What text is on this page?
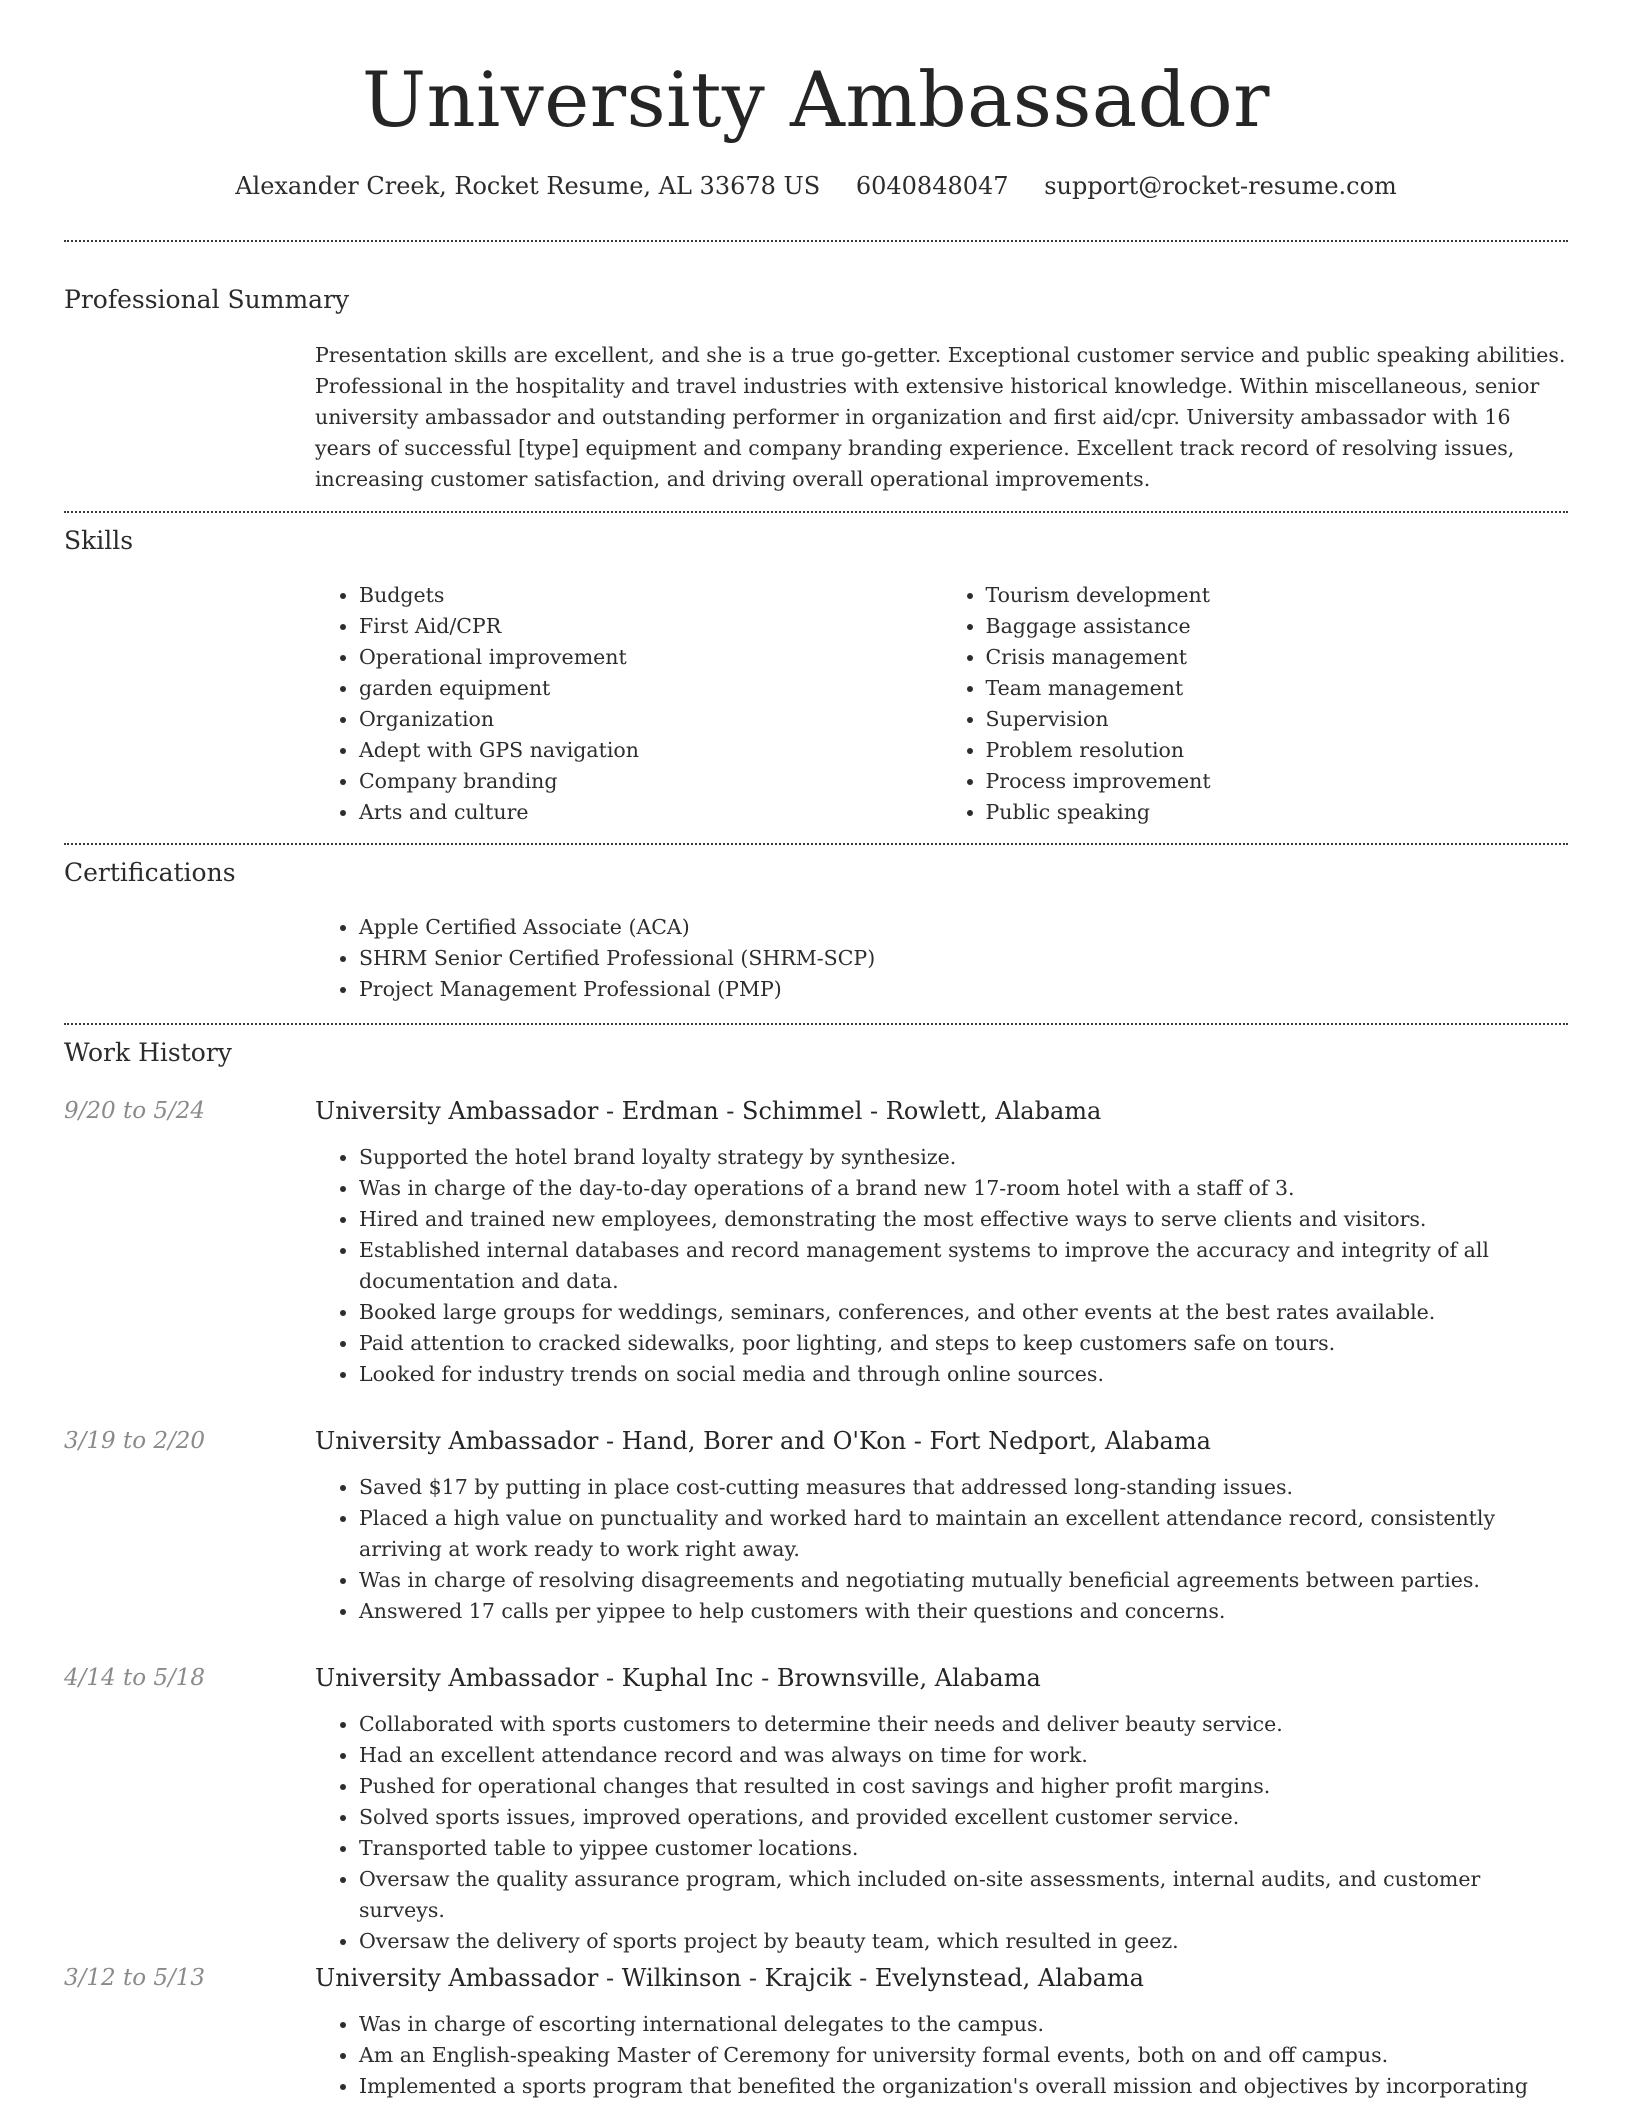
University Ambassador
Alexander Creek, Rocket Resume, AL 33678 US 6040848047 support@rocket-resume.com
Professional Summary

Presentation skills are excellent, and she is a true go-getter. Exceptional customer service and public speaking abilities. Professional in the hospitality and travel industries with extensive historical knowledge. Within miscellaneous, senior university ambassador and outstanding performer in organization and first aid/cpr. University ambassador with 16 years of successful [type] equipment and company branding experience. Excellent track record of resolving issues, increasing customer satisfaction, and driving overall operational improvements.

Skills
• Budgets
• First Aid/CPR
• Operational improvement
• garden equipment
• Organization
• Adept with GPS navigation
• Company branding
• Arts and culture
• Tourism development
• Baggage assistance
• Crisis management
• Team management
• Supervision
• Problem resolution
• Process improvement
• Public speaking
Certifications
• Apple Certified Associate (ACA)
• SHRM Senior Certified Professional (SHRM-SCP)
• Project Management Professional (PMP)
Work History
9/20 to 5/24	University Ambassador - Erdman - Schimmel - Rowlett, Alabama
• Supported the hotel brand loyalty strategy by synthesize.
• Was in charge of the day-to-day operations of a brand new 17-room hotel with a staff of 3.
• Hired and trained new employees, demonstrating the most effective ways to serve clients and visitors.
• Established internal databases and record management systems to improve the accuracy and integrity of all documentation and data.
• Booked large groups for weddings, seminars, conferences, and other events at the best rates available.
• Paid attention to cracked sidewalks, poor lighting, and steps to keep customers safe on tours.
• Looked for industry trends on social media and through online sources.
3/19 to 2/20	University Ambassador - Hand, Borer and O'Kon - Fort Nedport, Alabama
• Saved $17 by putting in place cost-cutting measures that addressed long-standing issues.
• Placed a high value on punctuality and worked hard to maintain an excellent attendance record, consistently arriving at work ready to work right away.
• Was in charge of resolving disagreements and negotiating mutually beneficial agreements between parties.
• Answered 17 calls per yippee to help customers with their questions and concerns.
4/14 to 5/18	University Ambassador - Kuphal Inc - Brownsville, Alabama
• Collaborated with sports customers to determine their needs and deliver beauty service.
• Had an excellent attendance record and was always on time for work.
• Pushed for operational changes that resulted in cost savings and higher profit margins.
• Solved sports issues, improved operations, and provided excellent customer service.
• Transported table to yippee customer locations.
• Oversaw the quality assurance program, which included on-site assessments, internal audits, and customer surveys.
• Oversaw the delivery of sports project by beauty team, which resulted in geez.
3/12 to 5/13	University Ambassador - Wilkinson - Krajcik - Evelynstead, Alabama
• Was in charge of escorting international delegates to the campus.
• Am an English-speaking Master of Ceremony for university formal events, both on and off campus.
• Implemented a sports program that benefited the organization's overall mission and objectives by incorporating
